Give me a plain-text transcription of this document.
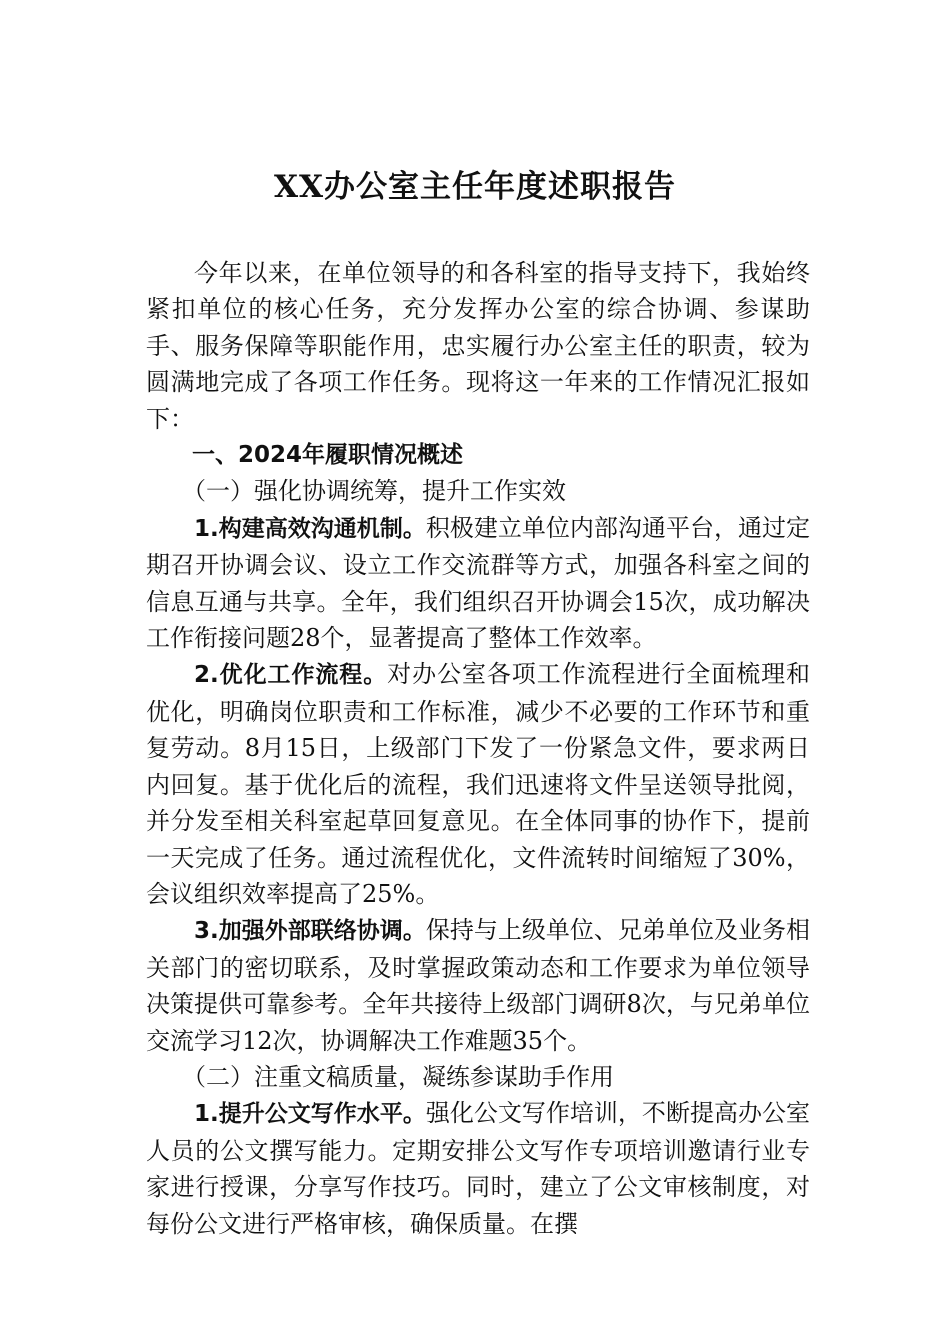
XX办公室主任年度述职报告

今年以来，在单位领导的和各科室的指导支持下，我始终紧扣单位的核心任务，充分发挥办公室的综合协调、参谋助手、服务保障等职能作用，忠实履行办公室主任的职责，较为圆满地完成了各项工作任务。现将这一年来的工作情况汇报如下：

一、2024年履职情况概述

（一）强化协调统筹，提升工作实效

1.构建高效沟通机制。积极建立单位内部沟通平台，通过定期召开协调会议、设立工作交流群等方式，加强各科室之间的信息互通与共享。全年，我们组织召开协调会15次，成功解决工作衔接问题28个，显著提高了整体工作效率。

2.优化工作流程。对办公室各项工作流程进行全面梳理和优化，明确岗位职责和工作标准，减少不必要的工作环节和重复劳动。8月15日，上级部门下发了一份紧急文件，要求两日内回复。基于优化后的流程，我们迅速将文件呈送领导批阅，并分发至相关科室起草回复意见。在全体同事的协作下，提前一天完成了任务。通过流程优化，文件流转时间缩短了30%，会议组织效率提高了25%。

3.加强外部联络协调。保持与上级单位、兄弟单位及业务相关部门的密切联系，及时掌握政策动态和工作要求为单位领导决策提供可靠参考。全年共接待上级部门调研8次，与兄弟单位交流学习12次，协调解决工作难题35个。

（二）注重文稿质量，凝练参谋助手作用

1.提升公文写作水平。强化公文写作培训，不断提高办公室人员的公文撰写能力。定期安排公文写作专项培训邀请行业专家进行授课，分享写作技巧。同时，建立了公文审核制度，对每份公文进行严格审核，确保质量。在撰
